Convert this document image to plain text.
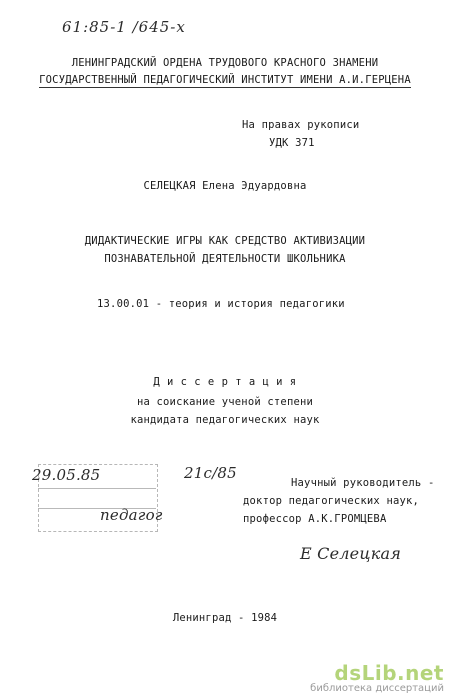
61:85-1 /645-х
ЛЕНИНГРАДСКИЙ ОРДЕНА ТРУДОВОГО КРАСНОГО ЗНАМЕНИ
ГОСУДАРСТВЕННЫЙ ПЕДАГОГИЧЕСКИЙ ИНСТИТУТ ИМЕНИ А.И.ГЕРЦЕНА
На правах рукописи
УДК 371
СЕЛЕЦКАЯ Елена Эдуардовна
ДИДАКТИЧЕСКИЕ ИГРЫ КАК СРЕДСТВО АКТИВИЗАЦИИ
ПОЗНАВАТЕЛЬНОЙ ДЕЯТЕЛЬНОСТИ ШКОЛЬНИКА
13.00.01 - теория и история педагогики
Д и с с е р т а ц и я
на соискание ученой степени
кандидата педагогических наук
29.05.85	21с/85
педагог
Научный руководитель -
доктор педагогических наук,
профессор А.К.ГРОМЦЕВА
Е Селецкая
Ленинград - 1984
dsLib.net
библиотека диссертаций
